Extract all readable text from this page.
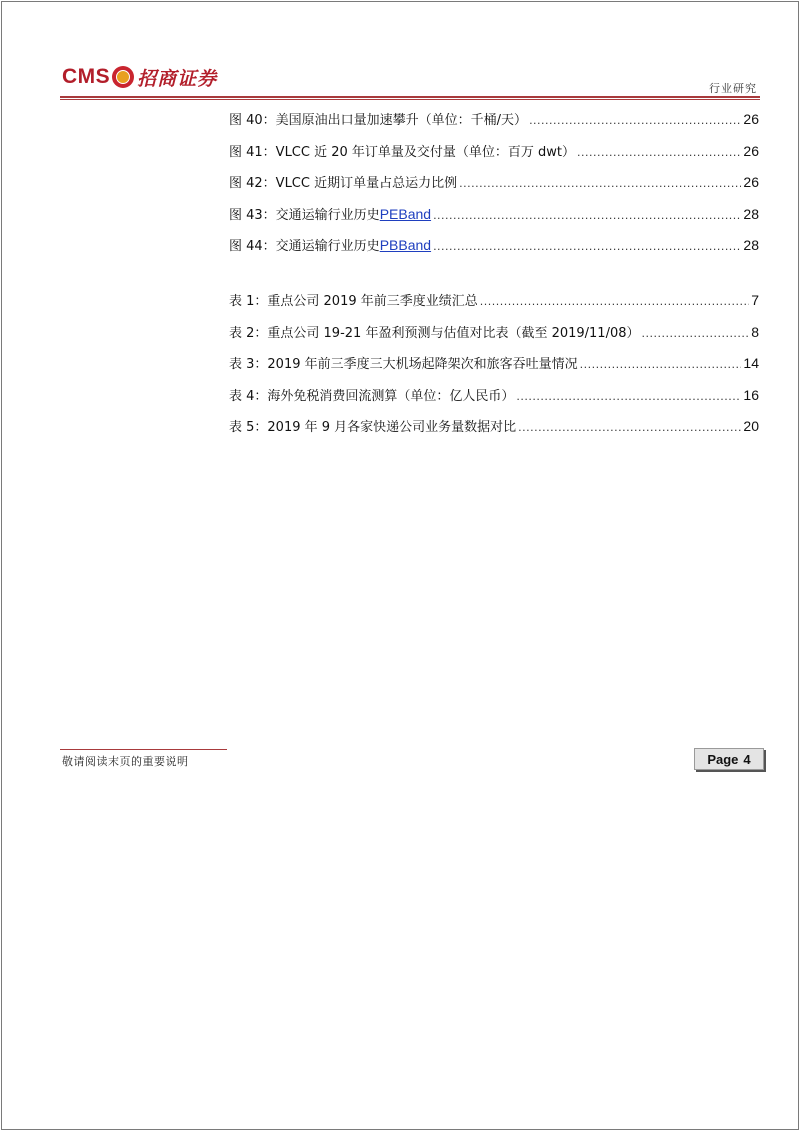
CMS 招商证券	行业研究
图 40：美国原油出口量加速攀升（单位：千桶/天） .....	26
图 41：VLCC 近 20 年订单量及交付量（单位：百万 dwt） .....	26
图 42：VLCC 近期订单量占总运力比例 .....	26
图 43：交通运输行业历史PEBand .....	28
图 44：交通运输行业历史PBBand .....	28
表 1：重点公司 2019 年前三季度业绩汇总 .....	7
表 2：重点公司 19-21 年盈利预测与估值对比表（截至 2019/11/08） .....	8
表 3：2019 年前三季度三大机场起降架次和旅客吞吐量情况 .....	14
表 4：海外免税消费回流测算（单位：亿人民币） .....	16
表 5：2019 年 9 月各家快递公司业务量数据对比 .....	20
敬请阅读末页的重要说明	Page 4
